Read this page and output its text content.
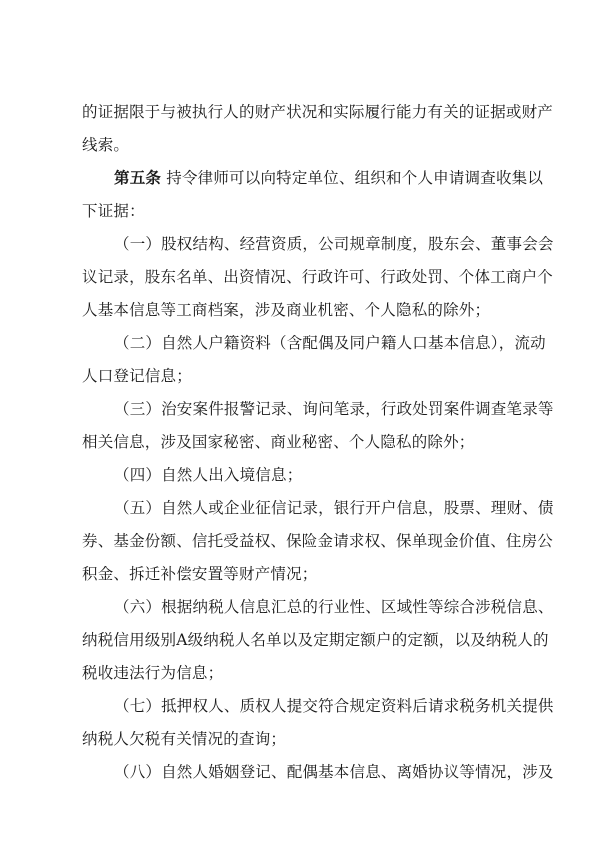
的证据限于与被执行人的财产状况和实际履行能力有关的证据或财产
线索。
第五条 持令律师可以向特定单位、组织和个人申请调查收集以
下证据：
（一）股权结构、经营资质，公司规章制度，股东会、董事会会
议记录，股东名单、出资情况、行政许可、行政处罚、个体工商户个
人基本信息等工商档案，涉及商业机密、个人隐私的除外；
（二）自然人户籍资料（含配偶及同户籍人口基本信息），流动
人口登记信息；
（三）治安案件报警记录、询问笔录，行政处罚案件调查笔录等
相关信息，涉及国家秘密、商业秘密、个人隐私的除外；
（四）自然人出入境信息；
（五）自然人或企业征信记录，银行开户信息，股票、理财、债
券、基金份额、信托受益权、保险金请求权、保单现金价值、住房公
积金、拆迁补偿安置等财产情况；
（六）根据纳税人信息汇总的行业性、区域性等综合涉税信息、
纳税信用级别A级纳税人名单以及定期定额户的定额，以及纳税人的
税收违法行为信息；
（七）抵押权人、质权人提交符合规定资料后请求税务机关提供
纳税人欠税有关情况的查询；
（八）自然人婚姻登记、配偶基本信息、离婚协议等情况，涉及
